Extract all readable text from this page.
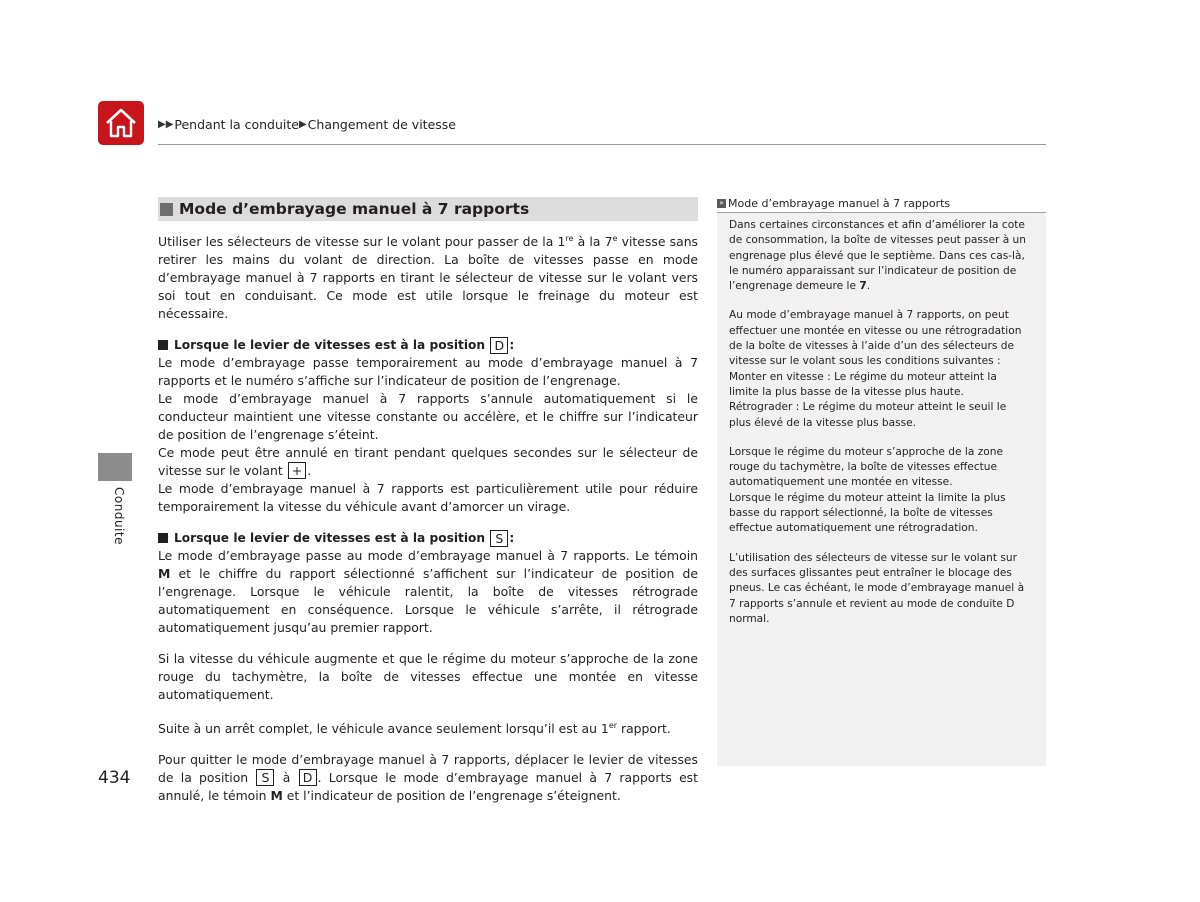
▶▶ Pendant la conduite ▶ Changement de vitesse
Conduite
Mode d’embrayage manuel à 7 rapports

Utiliser les sélecteurs de vitesse sur le volant pour passer de la 1re à la 7e vitesse sans retirer les mains du volant de direction. La boîte de vitesses passe en mode d’embrayage manuel à 7 rapports en tirant le sélecteur de vitesse sur le volant vers soi tout en conduisant. Ce mode est utile lorsque le freinage du moteur est nécessaire.

Lorsque le levier de vitesses est à la position
D :

Le mode d’embrayage passe temporairement au mode d’embrayage manuel à 7 rapports et le numéro s’affiche sur l’indicateur de position de l’engrenage.

Le mode d’embrayage manuel à 7 rapports s’annule automatiquement si le conducteur maintient une vitesse constante ou accélère, et le chiffre sur l’indicateur de position de l’engrenage s’éteint.

Ce mode peut être annulé en tirant pendant quelques secondes sur le sélecteur de vitesse sur le volant + .

Le mode d’embrayage manuel à 7 rapports est particulièrement utile pour réduire temporairement la vitesse du véhicule avant d’amorcer un virage.

Lorsque le levier de vitesses est à la position
S :

Le mode d’embrayage passe au mode d’embrayage manuel à 7 rapports. Le témoin M et le chiffre du rapport sélectionné s’affichent sur l’indicateur de position de l’engrenage. Lorsque le véhicule ralentit, la boîte de vitesses rétrograde automatiquement en conséquence. Lorsque le véhicule s’arrête, il rétrograde automatiquement jusqu’au premier rapport.

Si la vitesse du véhicule augmente et que le régime du moteur s’approche de la zone rouge du tachymètre, la boîte de vitesses effectue une montée en vitesse automatiquement.

Suite à un arrêt complet, le véhicule avance seulement lorsqu’il est au 1er rapport.

Pour quitter le mode d’embrayage manuel à 7 rapports, déplacer le levier de vitesses de la position S à D . Lorsque le mode d’embrayage manuel à 7 rapports est annulé, le témoin M et l’indicateur de position de l’engrenage s’éteignent.

» Mode d’embrayage manuel à 7 rapports

Dans certaines circonstances et afin d’améliorer la cote de consommation, la boîte de vitesses peut passer à un engrenage plus élevé que le septième. Dans ces cas-là, le numéro apparaissant sur l’indicateur de position de l’engrenage demeure le 7.

Au mode d’embrayage manuel à 7 rapports, on peut effectuer une montée en vitesse ou une rétrogradation de la boîte de vitesses à l’aide d’un des sélecteurs de vitesse sur le volant sous les conditions suivantes :

Monter en vitesse : Le régime du moteur atteint la limite la plus basse de la vitesse plus haute.

Rétrograder : Le régime du moteur atteint le seuil le plus élevé de la vitesse plus basse.

Lorsque le régime du moteur s’approche de la zone rouge du tachymètre, la boîte de vitesses effectue automatiquement une montée en vitesse.

Lorsque le régime du moteur atteint la limite la plus basse du rapport sélectionné, la boîte de vitesses effectue automatiquement une rétrogradation.

L’utilisation des sélecteurs de vitesse sur le volant sur des surfaces glissantes peut entraîner le blocage des pneus. Le cas échéant, le mode d’embrayage manuel à 7 rapports s’annule et revient au mode de conduite D normal.

434
